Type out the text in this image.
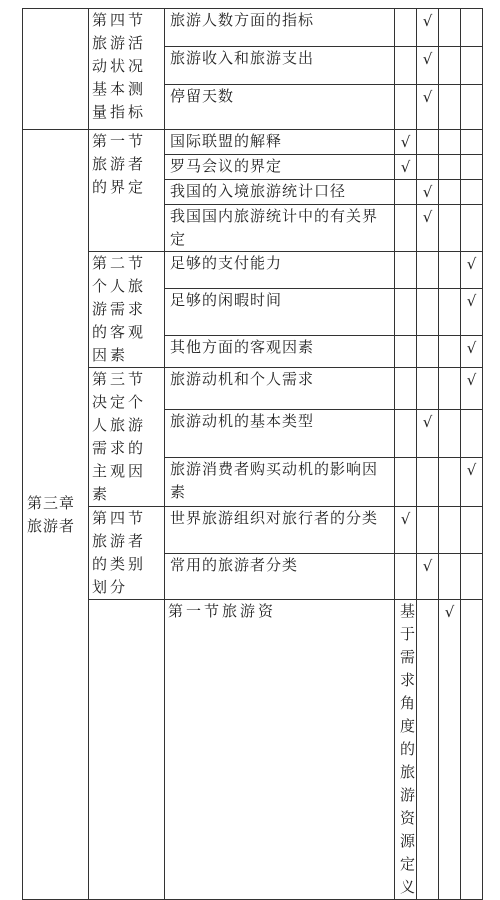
	第四节旅游活动状况基本测量指标	旅游人数方面的指标		√			
		旅游收入和旅游支出		√			
		停留天数		√			
第三章旅游者	第一节旅游者的界定	国际联盟的解释	√				
		罗马会议的界定	√				
		我国的入境旅游统计口径		√			
		我国国内旅游统计中的有关界定		√			
	第二节个人旅游需求的客观因素	足够的支付能力				√	
		足够的闲暇时间				√	
		其他方面的客观因素				√	
	第三节决定个人旅游需求的主观因素	旅游动机和个人需求				√	
		旅游动机的基本类型		√			
		旅游消费者购买动机的影响因素				√	
	第四节旅游者的类别划分	世界旅游组织对旅行者的分类	√				
		常用的旅游者分类		√			
		第一节旅游资	基于需求角度的旅游资源定义		√		
